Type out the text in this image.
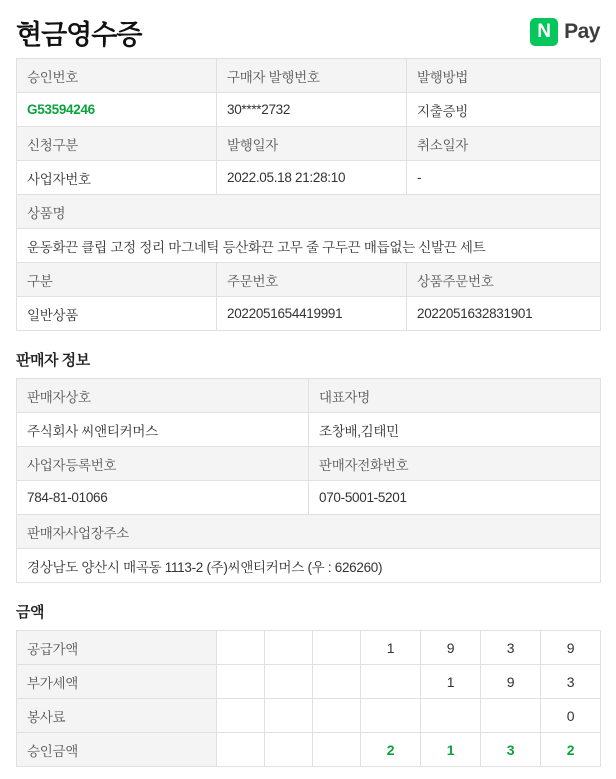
현금영수증	N Pay
승인번호	구매자 발행번호	발행방법
G53594246	30****2732	지출증빙
신청구분	발행일자	취소일자
사업자번호	2022.05.18 21:28:10	-
상품명		
운동화끈 클립 고정 정리 마그네틱 등산화끈 고무 줄 구두끈 매듭없는 신발끈 세트		
구분	주문번호	상품주문번호
일반상품	2022051654419991	2022051632831901
판매자 정보
판매자상호	대표자명
주식회사 씨앤티커머스	조창배,김태민
사업자등록번호	판매자전화번호
784-81-01066	070-5001-5201
판매자사업장주소	
경상남도 양산시 매곡동 1113-2 (주)씨앤티커머스 (우 : 626260)	
금액
공급가액				1	9	3	9
부가세액					1	9	3
봉사료							0
승인금액				2	1	3	2
